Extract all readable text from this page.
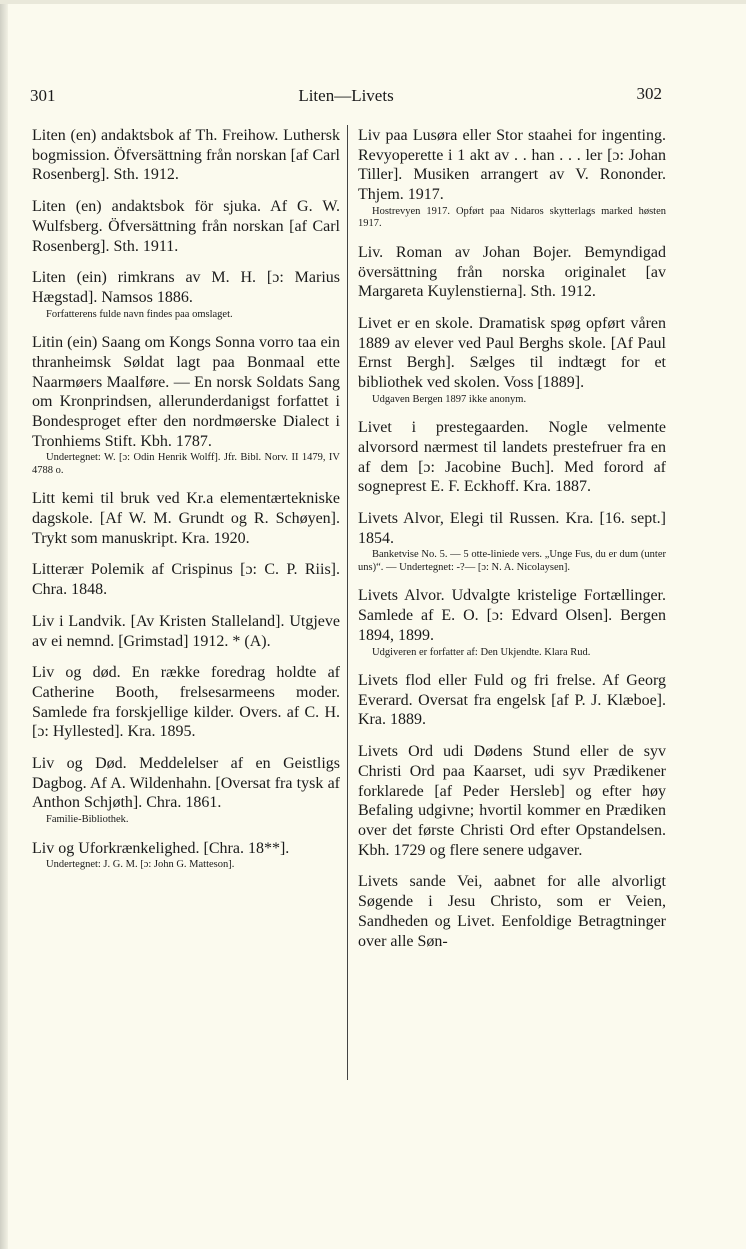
301	Liten—Livets	302
Liten (en) andaktsbok af Th. Freihow. Luthersk bogmission. Öfversättning från norskan [af Carl Rosenberg]. Sth. 1912.
Liten (en) andaktsbok för sjuka. Af G. W. Wulfsberg. Öfversättning från norskan [af Carl Rosenberg]. Sth. 1911.
Liten (ein) rimkrans av M. H. [ɔ: Marius Hægstad]. Namsos 1886.
Forfatterens fulde navn findes paa omslaget.
Litin (ein) Saang om Kongs Sonna vorro taa ein thranheimsk Søldat lagt paa Bonmaal ette Naarmøers Maalføre. — En norsk Soldats Sang om Kronprindsen, allerunderdanigst forfattet i Bondesproget efter den nordmøerske Dialect i Tronhiems Stift. Kbh. 1787.
Undertegnet: W. [ɔ: Odin Henrik Wolff]. Jfr. Bibl. Norv. II 1479, IV 4788 o.
Litt kemi til bruk ved Kr.a elementærtekniske dagskole. [Af W. M. Grundt og R. Schøyen]. Trykt som manuskript. Kra. 1920.
Litterær Polemik af Crispinus [ɔ: C. P. Riis]. Chra. 1848.
Liv i Landvik. [Av Kristen Stalleland]. Utgjeve av ei nemnd. [Grimstad] 1912. * (A).
Liv og død. En række foredrag holdte af Catherine Booth, frelsesarmeens moder. Samlede fra forskjellige kilder. Overs. af C. H. [ɔ: Hyllested]. Kra. 1895.
Liv og Død. Meddelelser af en Geistligs Dagbog. Af A. Wildenhahn. [Oversat fra tysk af Anthon Schjøth]. Chra. 1861.
Familie-Bibliothek.
Liv og Uforkrænkelighed. [Chra. 18**].
Undertegnet: J. G. M. [ɔ: John G. Matteson].
Liv paa Lusøra eller Stor staahei for ingenting. Revyoperette i 1 akt av . . han . . . ler [ɔ: Johan Tiller]. Musiken arrangert av V. Rononder. Thjem. 1917.
Hostrevyen 1917. Opført paa Nidaros skytterlags marked høsten 1917.
Liv. Roman av Johan Bojer. Bemyndigad översättning från norska originalet [av Margareta Kuylenstierna]. Sth. 1912.
Livet er en skole. Dramatisk spøg opført våren 1889 av elever ved Paul Berghs skole. [Af Paul Ernst Bergh]. Sælges til indtægt for et bibliothek ved skolen. Voss [1889].
Udgaven Bergen 1897 ikke anonym.
Livet i prestegaarden. Nogle velmente alvorsord nærmest til landets prestefruer fra en af dem [ɔ: Jacobine Buch]. Med forord af sogneprest E. F. Eckhoff. Kra. 1887.
Livets Alvor, Elegi til Russen. Kra. [16. sept.] 1854.
Banketvise No. 5. — 5 otte-liniede vers. „Unge Fus, du er dum (unter uns)“. — Undertegnet: -?— [ɔ: N. A. Nicolaysen].
Livets Alvor. Udvalgte kristelige Fortællinger. Samlede af E. O. [ɔ: Edvard Olsen]. Bergen 1894, 1899.
Udgiveren er forfatter af: Den Ukjendte. Klara Rud.
Livets flod eller Fuld og fri frelse. Af Georg Everard. Oversat fra engelsk [af P. J. Klæboe]. Kra. 1889.
Livets Ord udi Dødens Stund eller de syv Christi Ord paa Kaarset, udi syv Prædikener forklarede [af Peder Hersleb] og efter høy Befaling udgivne; hvortil kommer en Prædiken over det første Christi Ord efter Opstandelsen. Kbh. 1729 og flere senere udgaver.
Livets sande Vei, aabnet for alle alvorligt Søgende i Jesu Christo, som er Veien, Sandheden og Livet. Eenfoldige Betragtninger over alle Søn-
